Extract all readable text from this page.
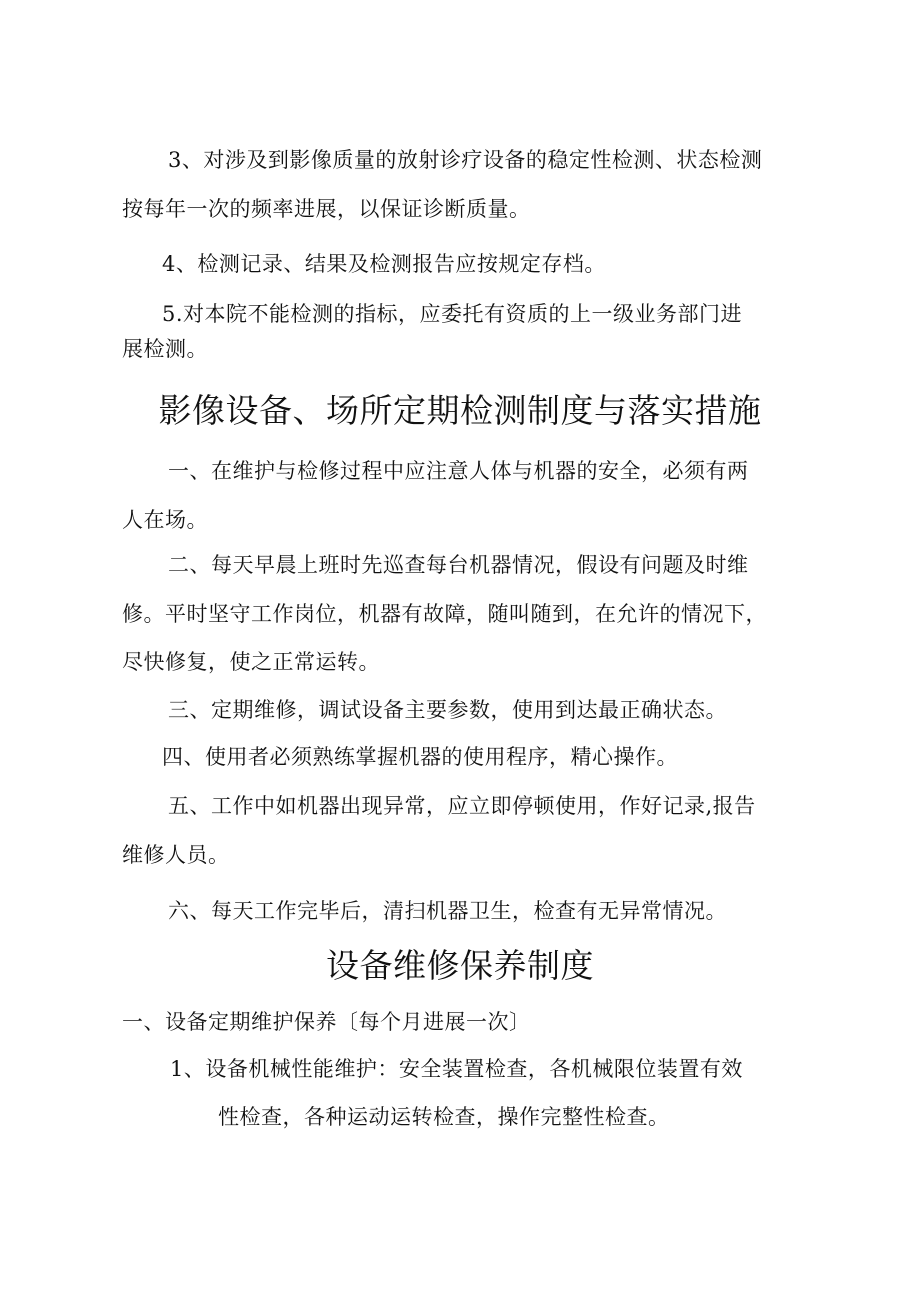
3、对涉及到影像质量的放射诊疗设备的稳定性检测、状态检测
按每年一次的频率进展，以保证诊断质量。
4、检测记录、结果及检测报告应按规定存档。
5.对本院不能检测的指标，应委托有资质的上一级业务部门进
展检测。
影像设备、场所定期检测制度与落实措施
一、在维护与检修过程中应注意人体与机器的安全，必须有两
人在场。
二、每天早晨上班时先巡查每台机器情况，假设有问题及时维
修。平时坚守工作岗位，机器有故障，随叫随到，在允许的情况下，
尽快修复，使之正常运转。
三、定期维修，调试设备主要参数，使用到达最正确状态。
四、使用者必须熟练掌握机器的使用程序，精心操作。
五、工作中如机器出现异常，应立即停顿使用，作好记录,报告
维修人员。
六、每天工作完毕后，清扫机器卫生，检查有无异常情况。
设备维修保养制度
一、设备定期维护保养〔每个月进展一次〕
1、设备机械性能维护：安全装置检查，各机械限位装置有效
性检查，各种运动运转检查，操作完整性检查。
